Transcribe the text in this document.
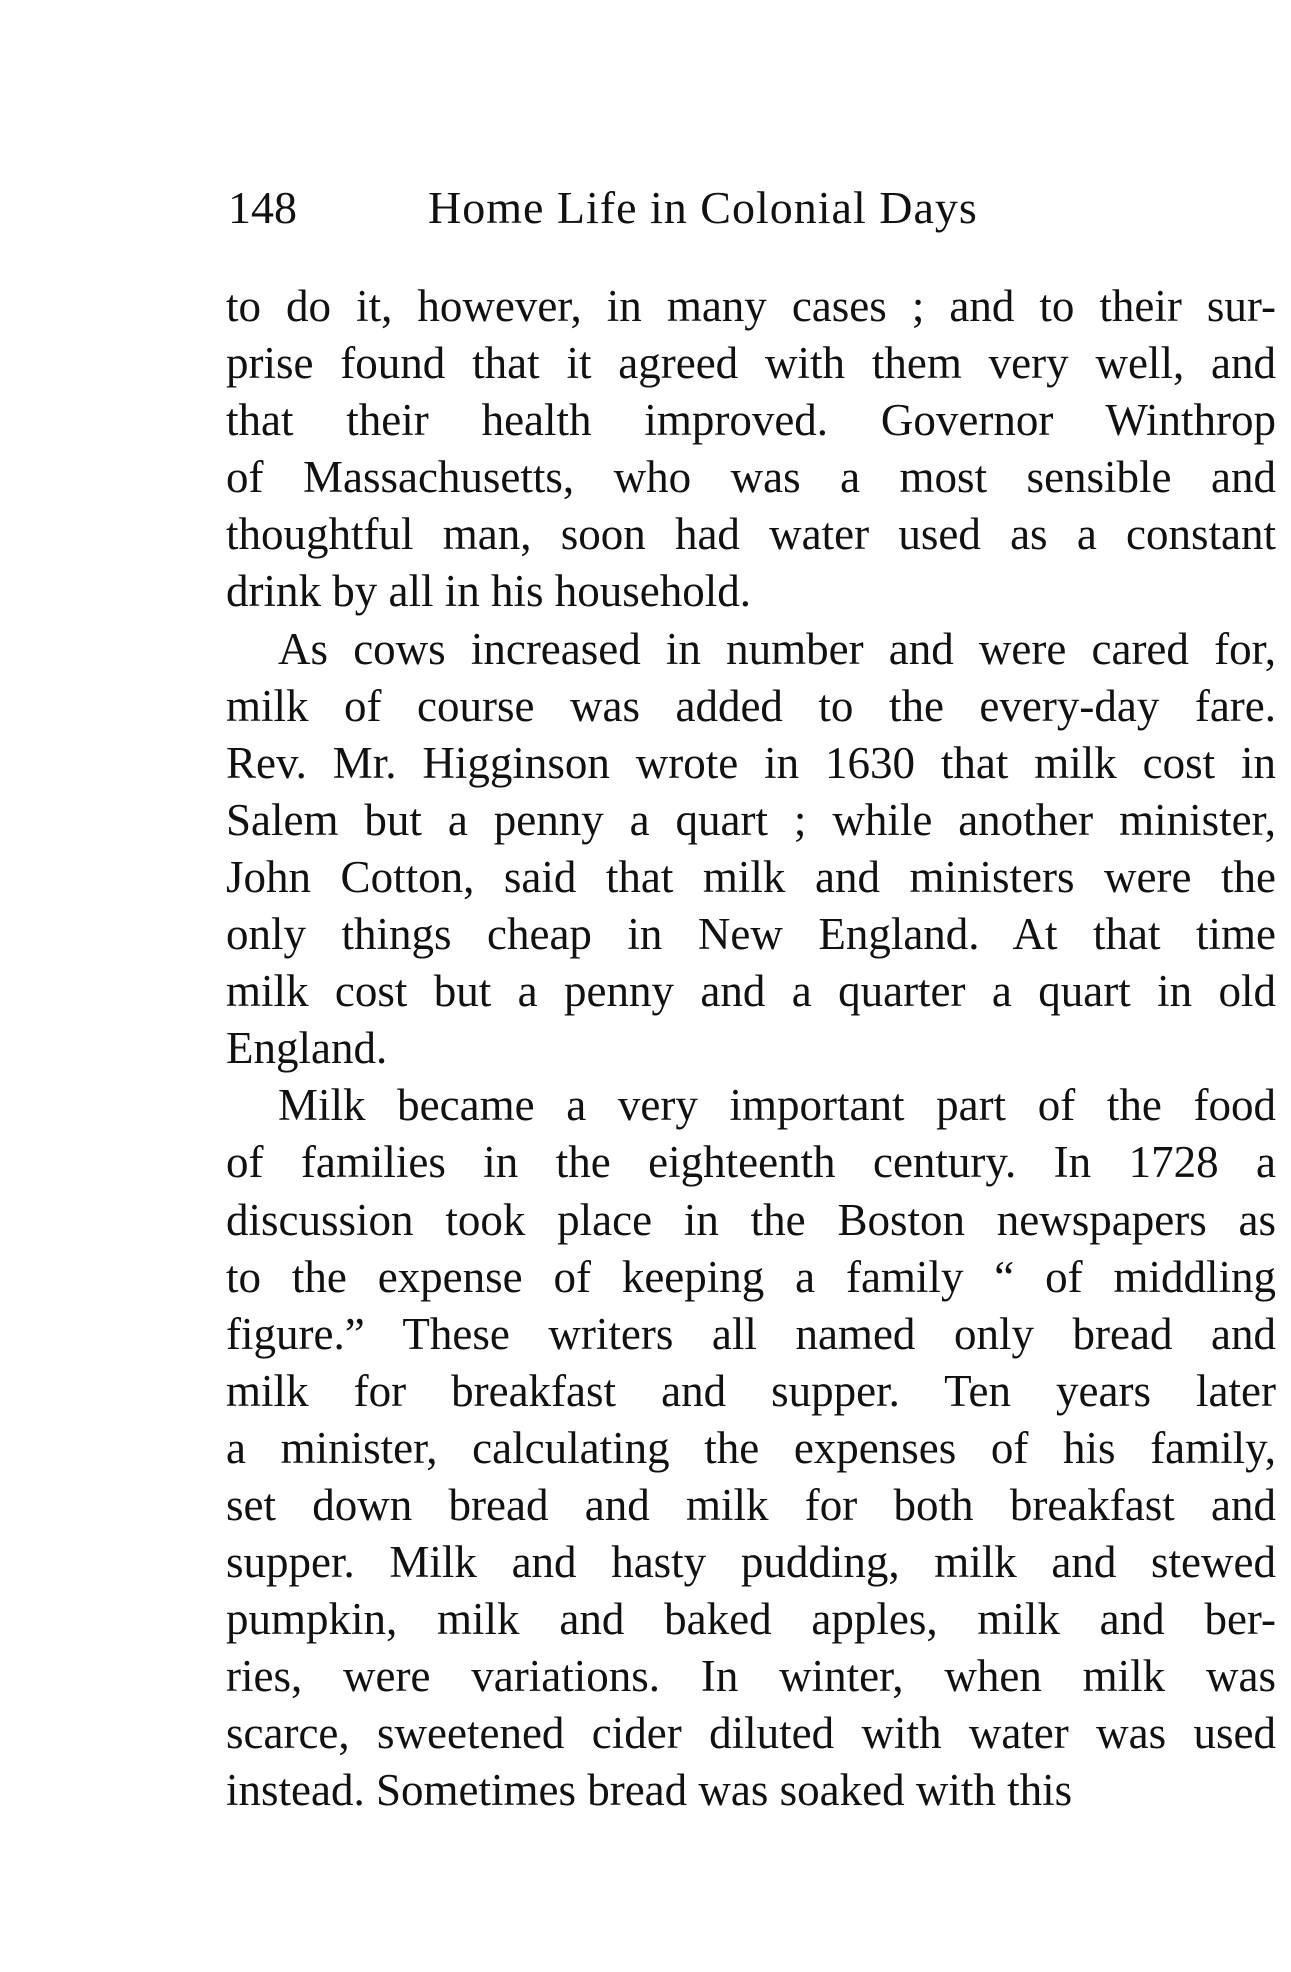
148	Home Life in Colonial Days
to do it, however, in many cases ; and to their sur-
prise found that it agreed with them very well, and
that their health improved. Governor Winthrop
of Massachusetts, who was a most sensible and
thoughtful man, soon had water used as a constant
drink by all in his household.
As cows increased in number and were cared for,
milk of course was added to the every-day fare.
Rev. Mr. Higginson wrote in 1630 that milk cost in
Salem but a penny a quart ; while another minister,
John Cotton, said that milk and ministers were the
only things cheap in New England. At that time
milk cost but a penny and a quarter a quart in old
England.
Milk became a very important part of the food
of families in the eighteenth century. In 1728 a
discussion took place in the Boston newspapers as
to the expense of keeping a family “ of middling
figure.” These writers all named only bread and
milk for breakfast and supper. Ten years later
a minister, calculating the expenses of his family,
set down bread and milk for both breakfast and
supper. Milk and hasty pudding, milk and stewed
pumpkin, milk and baked apples, milk and ber-
ries, were variations. In winter, when milk was
scarce, sweetened cider diluted with water was used
instead. Sometimes bread was soaked with this
